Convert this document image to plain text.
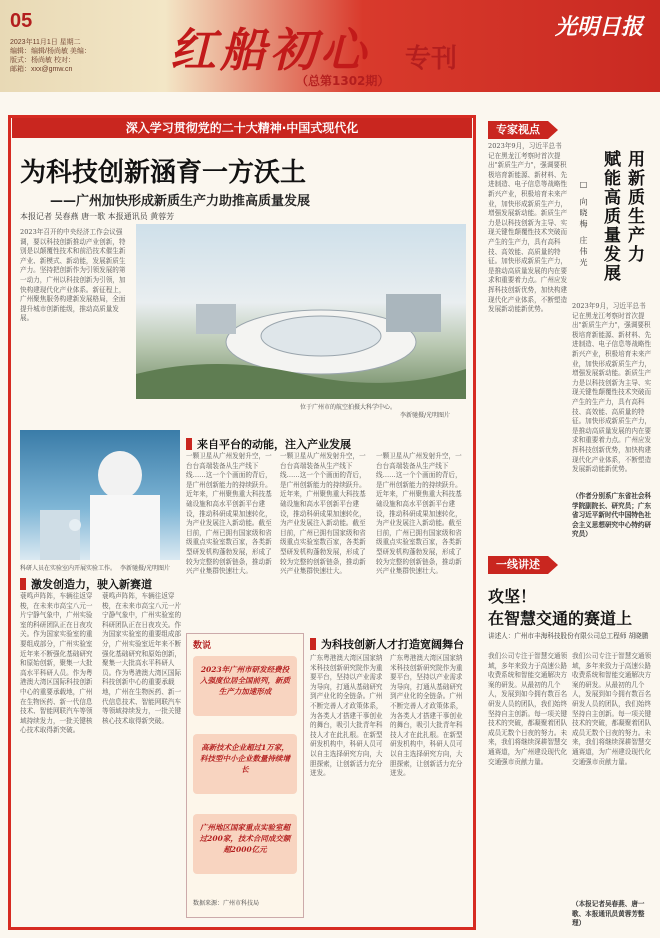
05
2023年11月1日 星期二
编辑：编辑/杨尚敏 美编：
版式：杨尚敏 校对：
邮箱：xxx@gmw.cn	红船初心 专刊
（总第1302期）
光明日报
深入学习贯彻党的二十大精神·中国式现代化
为科技创新涵育一方沃土
——广州加快形成新质生产力助推高质量发展
本报记者 吴春燕 唐一歌 本报通讯员 黄蓉芳
2023年召开的中央经济工作会议强调，要以科技创新推动产业创新，特别是以颠覆性技术和前沿技术催生新产业、新模式、新动能，发展新质生产力。坚持把创新作为引领发展的第一动力，广州以科技创新为引领，加快构建现代化产业体系。新征程上，广州聚焦服务构建新发展格局，全面提升城市创新能级，推动高质量发展。
位于广州市的航空拍摄大科学中心。
李新驰摄/光明图片
科研人员在实验室内开展实验工作。 李新驰摄/光明图片
来自平台的动能，注入产业发展
激发创造力，驶入新赛道
为科技创新人才打造宽阔舞台
一颗卫星从广州发射升空，一台台高端装备从生产线下线……这一个个画面的背后，是广州创新能力的持续跃升。近年来，广州聚焦重大科技基础设施和高水平创新平台建设，推动科研成果加速转化，为产业发展注入新动能。截至目前，广州已拥有国家级和省级重点实验室数百家，各类新型研发机构蓬勃发展，形成了较为完整的创新链条，推动新兴产业集群快速壮大。
一颗卫星从广州发射升空，一台台高端装备从生产线下线……这一个个画面的背后，是广州创新能力的持续跃升。近年来，广州聚焦重大科技基础设施和高水平创新平台建设，推动科研成果加速转化，为产业发展注入新动能。截至目前，广州已拥有国家级和省级重点实验室数百家，各类新型研发机构蓬勃发展，形成了较为完整的创新链条，推动新兴产业集群快速壮大。
一颗卫星从广州发射升空，一台台高端装备从生产线下线……这一个个画面的背后，是广州创新能力的持续跃升。近年来，广州聚焦重大科技基础设施和高水平创新平台建设，推动科研成果加速转化，为产业发展注入新动能。截至目前，广州已拥有国家级和省级重点实验室数百家，各类新型研发机构蓬勃发展，形成了较为完整的创新链条，推动新兴产业集群快速壮大。
蓑鸣声阵阵，车辆往返穿梭，在未来市高宝八元一片宁静气象中，广州实验室的科研团队正在日夜攻关。作为国家实验室的重要组成部分，广州实验室近年来不断强化基础研究和原始创新，聚集一大批高水平科研人员。作为粤港澳大湾区国际科技创新中心的重要承载地，广州在生物医药、新一代信息技术、智能网联汽车等领域持续发力，一批关键核心技术取得新突破。
蓑鸣声阵阵，车辆往返穿梭，在未来市高宝八元一片宁静气象中，广州实验室的科研团队正在日夜攻关。作为国家实验室的重要组成部分，广州实验室近年来不断强化基础研究和原始创新，聚集一大批高水平科研人员。作为粤港澳大湾区国际科技创新中心的重要承载地，广州在生物医药、新一代信息技术、智能网联汽车等领域持续发力，一批关键核心技术取得新突破。
广东粤港澳大湾区国家纳米科技创新研究院作为重要平台，坚持以产业需求为导向，打通从基础研究到产业化的全链条。广州不断完善人才政策体系，为各类人才搭建干事创业的舞台，吸引大批青年科技人才在此扎根。在新型研发机构中，科研人员可以自主选择研究方向，大胆探索，让创新活力充分迸发。
广东粤港澳大湾区国家纳米科技创新研究院作为重要平台，坚持以产业需求为导向，打通从基础研究到产业化的全链条。广州不断完善人才政策体系，为各类人才搭建干事创业的舞台，吸引大批青年科技人才在此扎根。在新型研发机构中，科研人员可以自主选择研究方向，大胆探索，让创新活力充分迸发。
数说
2023年广州市研发经费投入强度位居全国前列，新质生产力加速形成
高新技术企业超过1万家，科技型中小企业数量持续增长
广州地区国家重点实验室超过200家，技术合同成交额超2000亿元
数据来源：广州市科技局
专家视点
用新质生产力
赋能高质量发展
□ 向晓梅 庄伟光
2023年9月，习近平总书记在黑龙江考察时首次提出"新质生产力"，强调要积极培育新能源、新材料、先进制造、电子信息等战略性新兴产业，积极培育未来产业，加快形成新质生产力，增强发展新动能。新质生产力是以科技创新为主导、实现关键性颠覆性技术突破而产生的生产力，具有高科技、高效能、高质量的特征。加快形成新质生产力，是推动高质量发展的内在要求和重要着力点。广州应发挥科技创新优势，加快构建现代化产业体系，不断塑造发展新动能新优势。	2023年9月，习近平总书记在黑龙江考察时首次提出"新质生产力"，强调要积极培育新能源、新材料、先进制造、电子信息等战略性新兴产业，积极培育未来产业，加快形成新质生产力，增强发展新动能。新质生产力是以科技创新为主导、实现关键性颠覆性技术突破而产生的生产力，具有高科技、高效能、高质量的特征。加快形成新质生产力，是推动高质量发展的内在要求和重要着力点。广州应发挥科技创新优势，加快构建现代化产业体系，不断塑造发展新动能新优势。
（作者分别系广东省社会科学院副院长、研究员；广东省习近平新时代中国特色社会主义思想研究中心特约研究员）
一线讲述
攻坚！
在智慧交通的赛道上
讲述人：广州市丰海科技股份有限公司总工程师 胡晓鹏
我们公司专注于智慧交通领域，多年来致力于高速公路收费系统和智能交通解决方案的研发。从最初的几个人，发展到如今拥有数百名研发人员的团队，我们始终坚持自主创新。每一项关键技术的突破，都凝聚着团队成员无数个日夜的努力。未来，我们将继续深耕智慧交通赛道，为广州建设现代化交通强市贡献力量。
我们公司专注于智慧交通领域，多年来致力于高速公路收费系统和智能交通解决方案的研发。从最初的几个人，发展到如今拥有数百名研发人员的团队，我们始终坚持自主创新。每一项关键技术的突破，都凝聚着团队成员无数个日夜的努力。未来，我们将继续深耕智慧交通赛道，为广州建设现代化交通强市贡献力量。
（本报记者吴春燕、唐一歌、本报通讯员黄蓉芳整理）
